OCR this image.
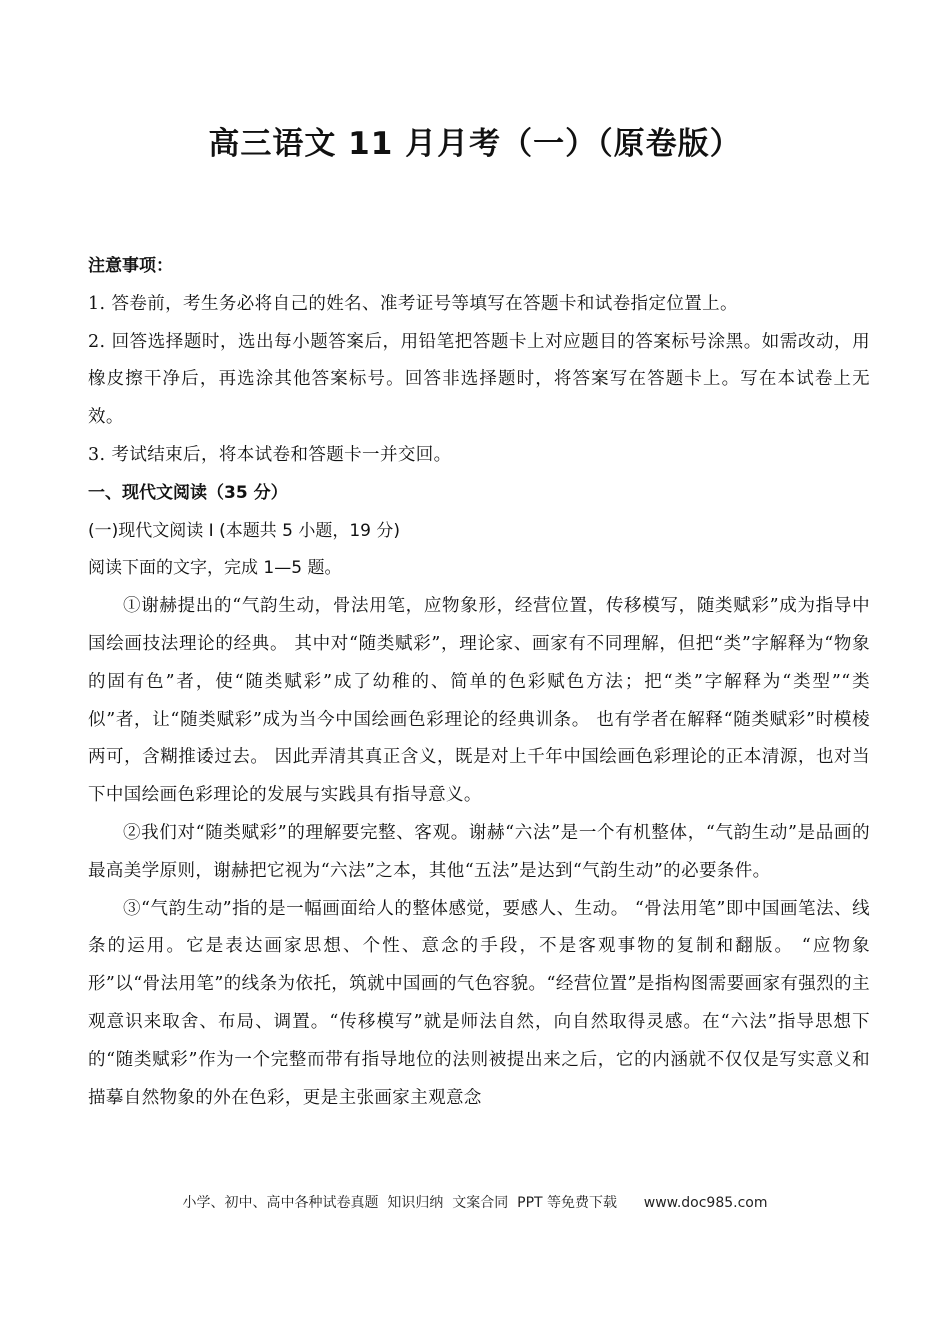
高三语文 11 月月考（一）（原卷版）

注意事项：

1. 答卷前，考生务必将自己的姓名、准考证号等填写在答题卡和试卷指定位置上。

2. 回答选择题时，选出每小题答案后，用铅笔把答题卡上对应题目的答案标号涂黑。如需改动，用橡皮擦干净后，再选涂其他答案标号。回答非选择题时，将答案写在答题卡上。写在本试卷上无效。

3. 考试结束后，将本试卷和答题卡一并交回。

一、现代文阅读（35 分）

(一)现代文阅读 I (本题共 5 小题，19 分)

阅读下面的文字，完成 1—5 题。

①谢赫提出的“气韵生动，骨法用笔，应物象形，经营位置，传移模写，随类赋彩”成为指导中国绘画技法理论的经典。 其中对“随类赋彩”，理论家、画家有不同理解，但把“类”字解释为“物象的固有色”者，使“随类赋彩”成了幼稚的、简单的色彩赋色方法；把“类”字解释为“类型”“类似”者，让“随类赋彩”成为当今中国绘画色彩理论的经典训条。 也有学者在解释“随类赋彩”时模棱两可，含糊推诿过去。 因此弄清其真正含义，既是对上千年中国绘画色彩理论的正本清源，也对当下中国绘画色彩理论的发展与实践具有指导意义。

②我们对“随类赋彩”的理解要完整、客观。谢赫“六法”是一个有机整体，“气韵生动”是品画的最高美学原则，谢赫把它视为“六法”之本，其他“五法”是达到“气韵生动”的必要条件。

③“气韵生动”指的是一幅画面给人的整体感觉，要感人、生动。 “骨法用笔”即中国画笔法、线条的运用。它是表达画家思想、个性、意念的手段，不是客观事物的复制和翻版。 “应物象形”以“骨法用笔”的线条为依托，筑就中国画的气色容貌。“经营位置”是指构图需要画家有强烈的主观意识来取舍、布局、调置。“传移模写”就是师法自然，向自然取得灵感。在“六法”指导思想下的“随类赋彩”作为一个完整而带有指导地位的法则被提出来之后，它的内涵就不仅仅是写实意义和描摹自然物象的外在色彩，更是主张画家主观意念

小学、初中、高中各种试卷真题  知识归纳  文案合同  PPT 等免费下载 www.doc985.com
